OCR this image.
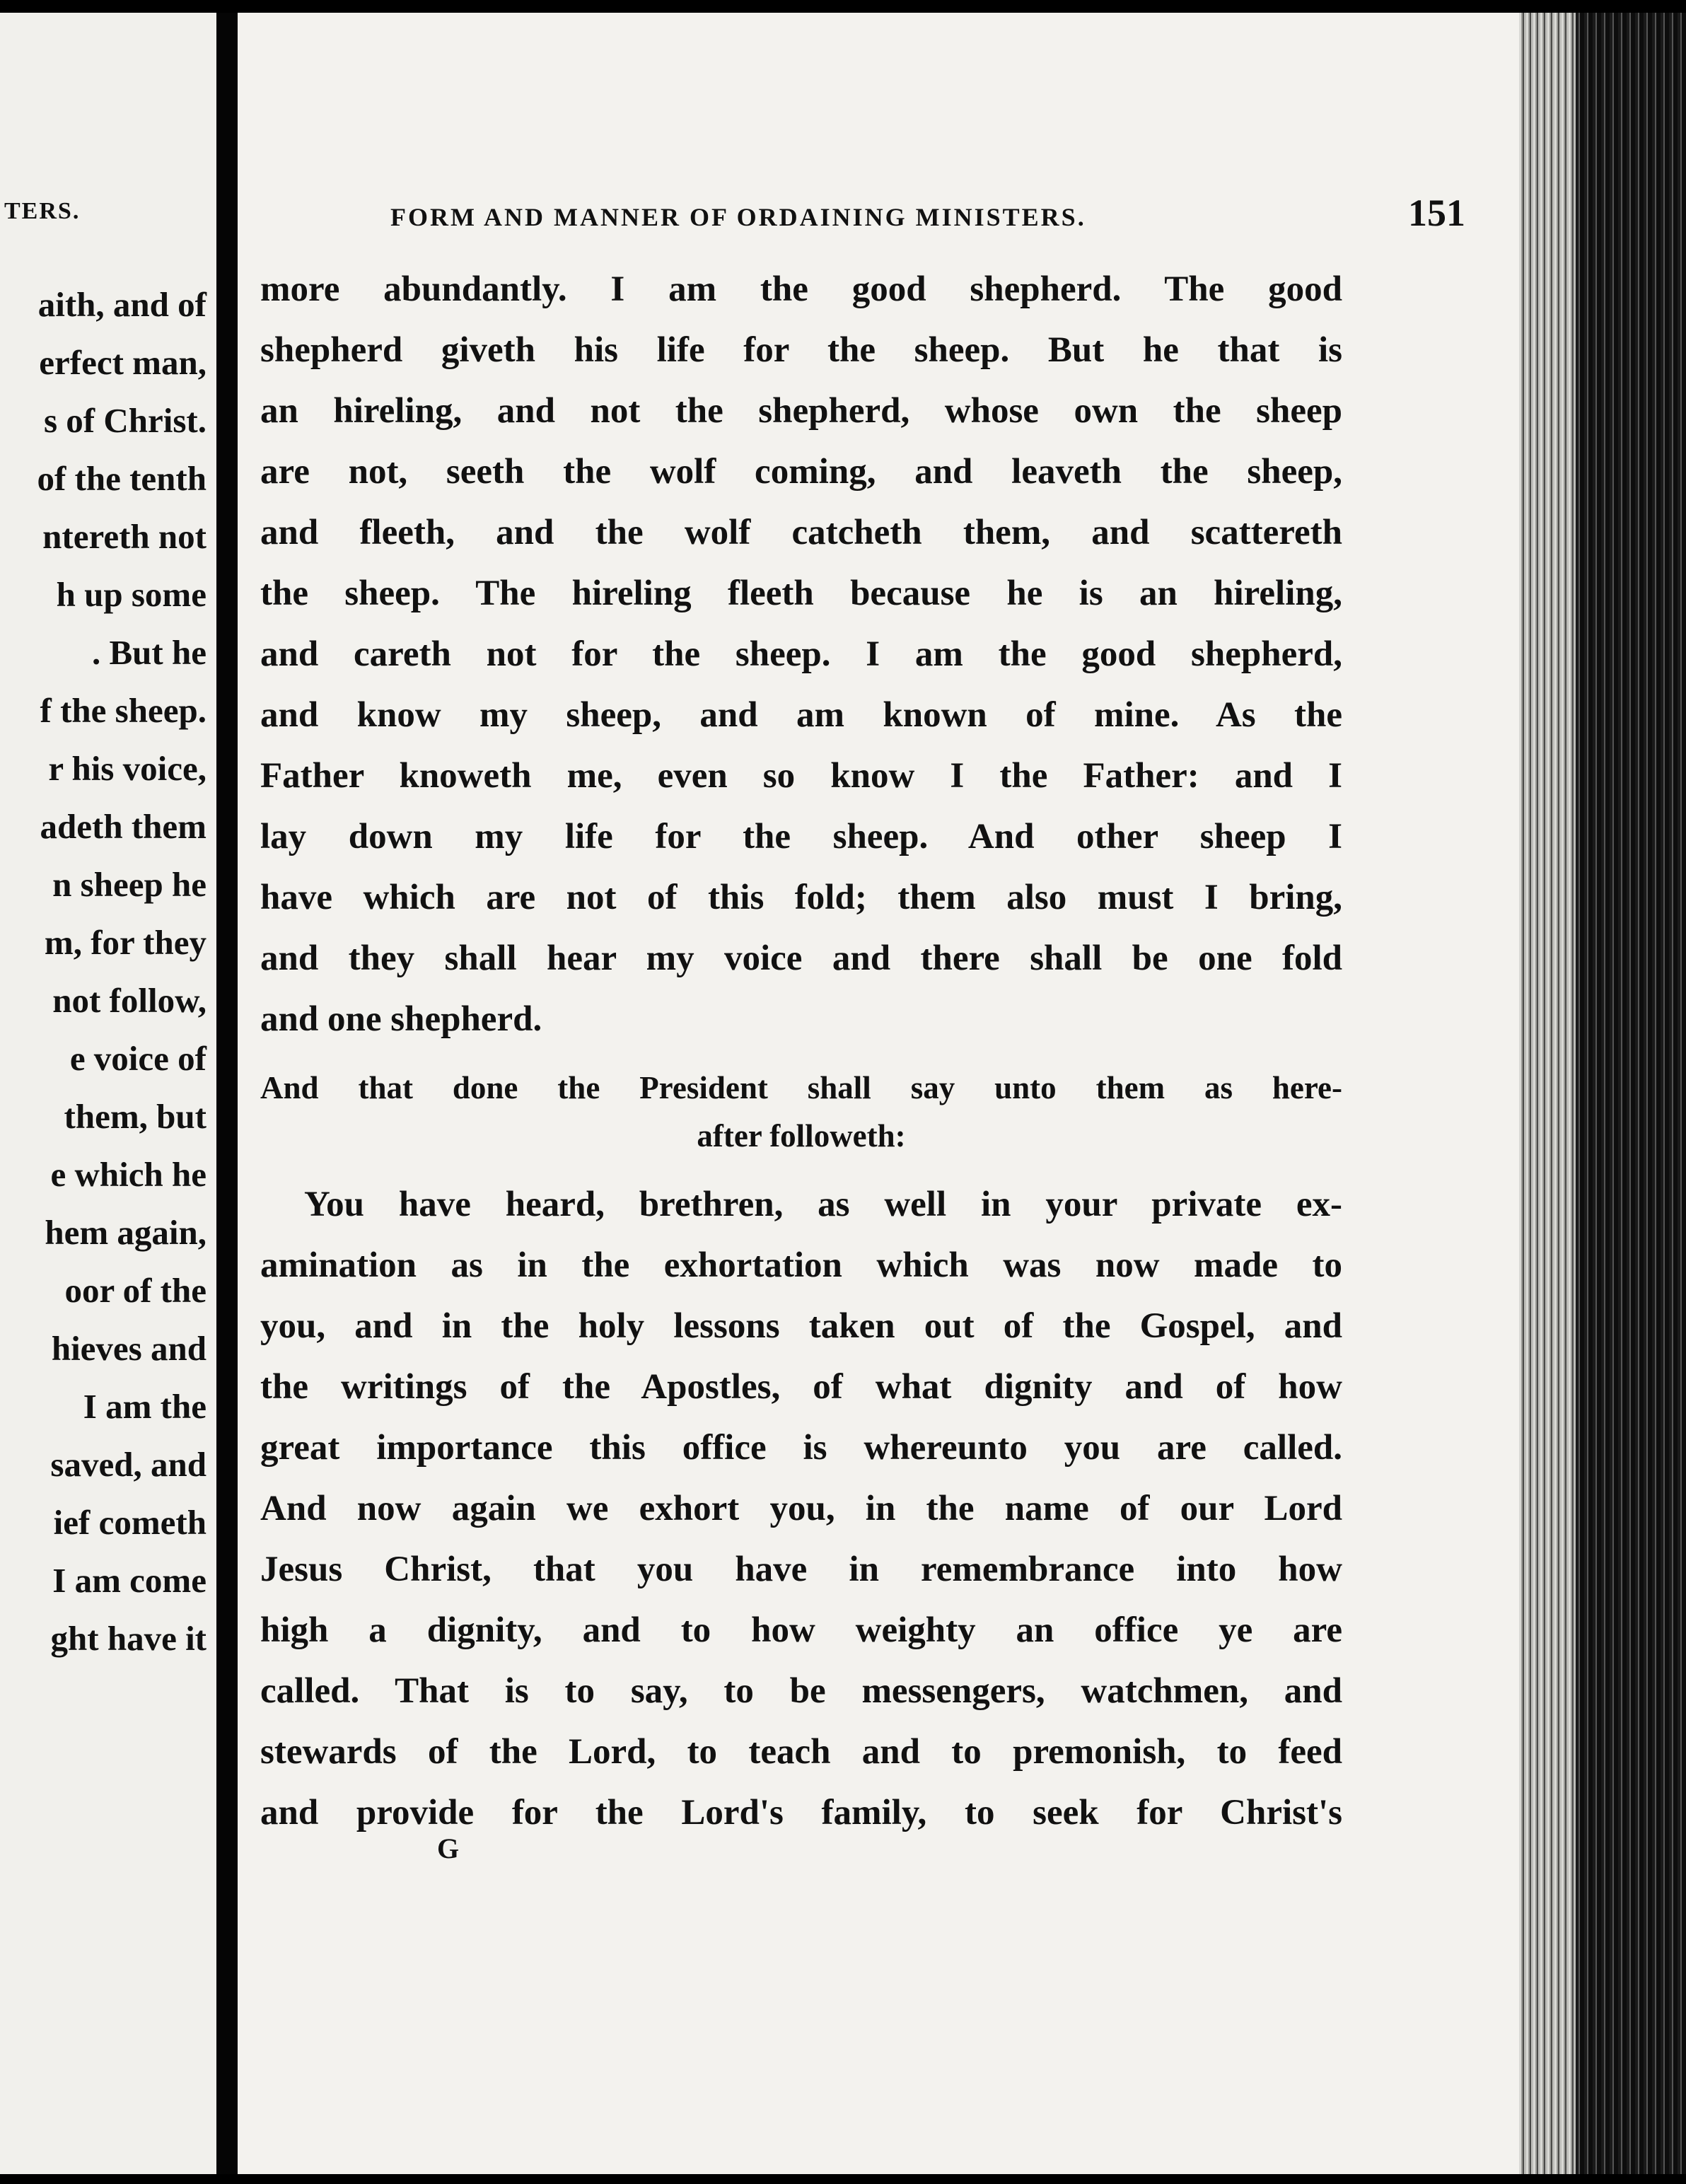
TERS.
aith, and of
erfect man,
s of Christ.
of the tenth
ntereth not
h up some
. But he
f the sheep.
r his voice,
adeth them
n sheep he
m, for they
not follow,
e voice of
them, but
e which he
hem again,
oor of the
hieves and
I am the
saved, and
ief cometh
I am come
ght have it
FORM AND MANNER OF ORDAINING MINISTERS.	151
more abundantly. I am the good shepherd. The good
shepherd giveth his life for the sheep. But he that is
an hireling, and not the shepherd, whose own the sheep
are not, seeth the wolf coming, and leaveth the sheep,
and fleeth, and the wolf catcheth them, and scattereth
the sheep. The hireling fleeth because he is an hireling,
and careth not for the sheep. I am the good shepherd,
and know my sheep, and am known of mine. As the
Father knoweth me, even so know I the Father: and I
lay down my life for the sheep. And other sheep I
have which are not of this fold; them also must I bring,
and they shall hear my voice and there shall be one fold
and one shepherd.
And that done the President shall say unto them as here-
after followeth:
You have heard, brethren, as well in your private ex-
amination as in the exhortation which was now made to
you, and in the holy lessons taken out of the Gospel, and
the writings of the Apostles, of what dignity and of how
great importance this office is whereunto you are called.
And now again we exhort you, in the name of our Lord
Jesus Christ, that you have in remembrance into how
high a dignity, and to how weighty an office ye are
called. That is to say, to be messengers, watchmen, and
stewards of the Lord, to teach and to premonish, to feed
and provide for the Lord's family, to seek for Christ's
G
